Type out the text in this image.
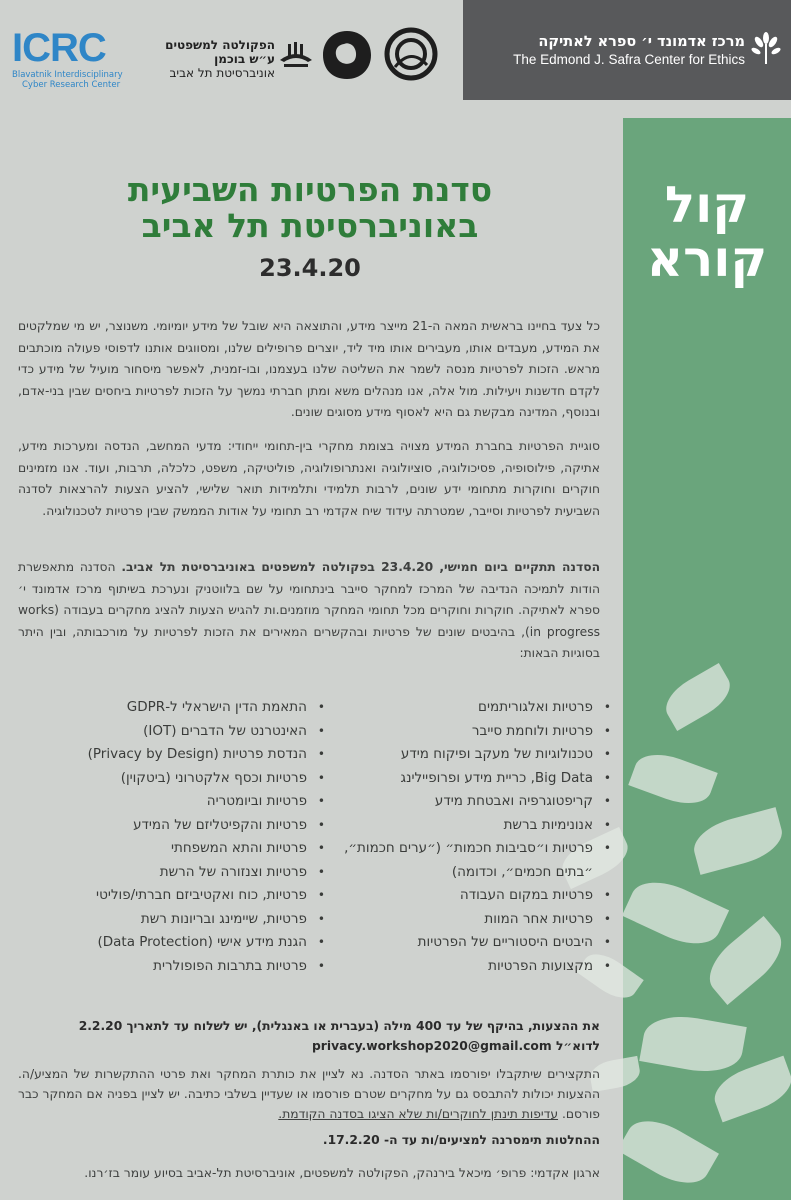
ICRC
Blavatnik Interdisciplinary
Cyber Research Center
הפקולטה למשפטים
ע״ש בוכמן
אוניברסיטת תל אביב
מרכז אדמונד י׳ ספרא לאתיקה
The Edmond J. Safra Center for Ethics
קול
קורא
סדנת הפרטיות השביעית
באוניברסיטת תל אביב
23.4.20
כל צעד בחיינו בראשית המאה ה-21 מייצר מידע, והתוצאה היא שובל של מידע יומיומי. משנוצר, יש מי שמלקטים את המידע, מעבדים אותו, מעבירים אותו מיד ליד, יוצרים פרופילים שלנו, ומסווגים אותנו לדפוסי פעולה מוכתבים מראש. הזכות לפרטיות מנסה לשמר את השליטה שלנו בעצמנו, ובו-זמנית, לאפשר מיסחור מועיל של מידע כדי לקדם חדשנות ויעילות. מול אלה, אנו מנהלים משא ומתן חברתי נמשך על הזכות לפרטיות ביחסים שבין בני-אדם, ובנוסף, המדינה מבקשת גם היא לאסוף מידע מסוגים שונים.
סוגיית הפרטיות בחברת המידע מצויה בצומת מחקרי בין-תחומי ייחודי: מדעי המחשב, הנדסה ומערכות מידע, אתיקה, פילוסופיה, פסיכולוגיה, סוציולוגיה ואנתרופולוגיה, פוליטיקה, משפט, כלכלה, תרבות, ועוד. אנו מזמינים חוקרים וחוקרות מתחומי ידע שונים, לרבות תלמידי ותלמידות תואר שלישי, להציע הצעות להרצאות לסדנה השביעית לפרטיות וסייבר, שמטרתה עידוד שיח אקדמי רב תחומי על אודות הממשק שבין פרטיות לטכנולוגיה.
הסדנה תתקיים ביום חמישי, 23.4.20 בפקולטה למשפטים באוניברסיטת תל אביב. הסדנה מתאפשרת הודות לתמיכה הנדיבה של המרכז למחקר סייבר בינתחומי על שם בלווטניק ונערכת בשיתוף מרכז אדמונד י׳ ספרא לאתיקה. חוקרות וחוקרים מכל תחומי המחקר מוזמנים.ות להגיש הצעות להציג מחקרים בעבודה (works in progress), בהיבטים שונים של פרטיות ובהקשרים המאירים את הזכות לפרטיות על מורכבותה, ובין היתר בסוגיות הבאות:
• פרטיות ואלגוריתמים
• פרטיות ולוחמת סייבר
• טכנולוגיות של מעקב ופיקוח מידע
• Big Data, כריית מידע ופרופיילינג
• קריפטוגרפיה ואבטחת מידע
• אנונימיות ברשת
• פרטיות ו״סביבות חכמות״ (״ערים חכמות״, ״בתים חכמים״, וכדומה)
• פרטיות במקום העבודה
• פרטיות אחר המוות
• היבטים היסטוריים של הפרטיות
• מקצועות הפרטיות
• התאמת הדין הישראלי ל-GDPR
• האינטרנט של הדברים (IOT)
• הנדסת פרטיות (Privacy by Design)
• פרטיות וכסף אלקטרוני (ביטקוין)
• פרטיות וביומטריה
• פרטיות והקפיטליזם של המידע
• פרטיות והתא המשפחתי
• פרטיות וצנזורה של הרשת
• פרטיות, כוח ואקטיביזם חברתי/פוליטי
• פרטיות, שיימינג ובריונות רשת
• הגנת מידע אישי (Data Protection)
• פרטיות בתרבות הפופולרית
את ההצעות, בהיקף של עד 400 מילה (בעברית או באנגלית), יש לשלוח עד לתאריך 2.2.20
לדוא״ל privacy.workshop2020@gmail.com
התקצירים שיתקבלו יפורסמו באתר הסדנה. נא לציין את כותרת המחקר ואת פרטי ההתקשרות של המציע/ה. ההצעות יכולות להתבסס גם על מחקרים שטרם פורסמו או שעדיין בשלבי כתיבה. יש לציין בפניה אם המחקר כבר פורסם. עדיפות תינתן לחוקרים/ות שלא הציגו בסדנה הקודמת.
ההחלטות תימסרנה למציעים/ות עד ה- 17.2.20.
ארגון אקדמי: פרופ׳ מיכאל בירנהק, הפקולטה למשפטים, אוניברסיטת תל-אביב בסיוע עומר בז׳רנו.
